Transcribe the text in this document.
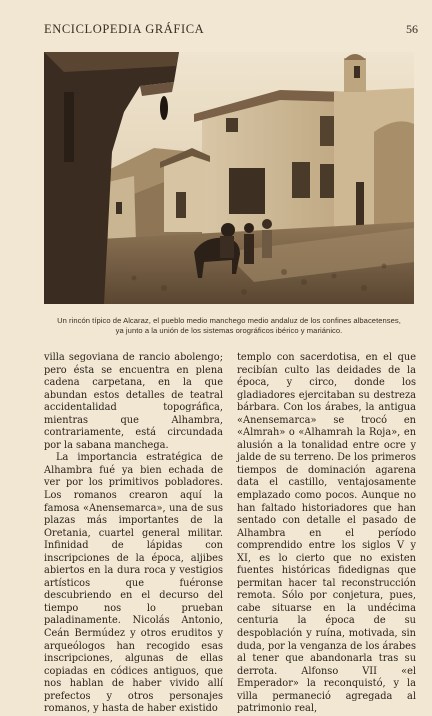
ENCICLOPEDIA GRÁFICA	56
Un rincón típico de Alcaraz, el pueblo medio manchego medio andaluz de los confines albacetenses,
ya junto a la unión de los sistemas orográficos ibérico y mariánico.

villa segoviana de rancio abolengo; pero ésta se encuentra en plena cadena carpetana, en la que abundan estos detalles de teatral accidentalidad topográfica, mientras que Alhambra, contrariamente, está circundada por la sabana manchega.

La importancia estratégica de Alhambra fué ya bien echada de ver por los primitivos pobladores. Los romanos crearon aquí la famosa «Anensemarca», una de sus plazas más importantes de la Oretania, cuartel general militar. Infinidad de lápidas con inscripciones de la época, aljibes abiertos en la dura roca y vestigios artísticos que fuéronse descubriendo en el decurso del tiempo nos lo prueban paladinamente. Nicolás Antonio, Ceán Bermúdez y otros eruditos y arqueólogos han recogido esas inscripciones, algunas de ellas copiadas en códices antiguos, que nos hablan de haber vivido allí prefectos y otros personajes romanos, y hasta de haber existido

templo con sacerdotisa, en el que recibían culto las deidades de la época, y circo, donde los gladiadores ejercitaban su destreza bárbara. Con los árabes, la antigua «Anensemarca» se trocó en «Almrah» o «Alhamrah la Roja», en alusión a la tonalidad entre ocre y jalde de su terreno. De los primeros tiempos de dominación agarena data el castillo, ventajosamente emplazado como pocos. Aunque no han faltado historiadores que han sentado con detalle el pasado de Alhambra en el período comprendido entre los siglos V y XI, es lo cierto que no existen fuentes históricas fidedignas que permitan hacer tal reconstrucción remota. Sólo por conjetura, pues, cabe situarse en la undécima centuria la época de su despoblación y ruína, motivada, sin duda, por la venganza de los árabes al tener que abandonarla tras su derrota. Alfonso VII «el Emperador» la reconquistó, y la villa permaneció agregada al patrimonio real,
